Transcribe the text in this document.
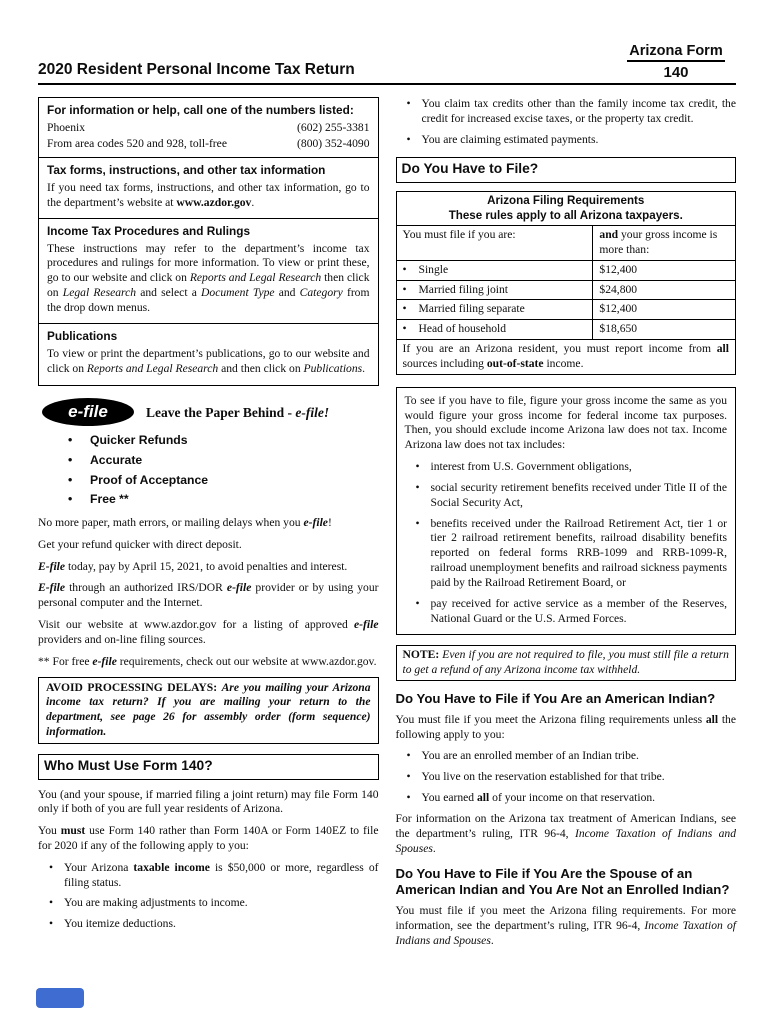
2020 Resident Personal Income Tax Return
Arizona Form
140
For information or help, call one of the numbers listed:
Phoenix	(602) 255-3381
From area codes 520 and 928, toll-free	(800) 352-4090
Tax forms, instructions, and other tax information

If you need tax forms, instructions, and other tax information, go to the department’s website at www.azdor.gov.

Income Tax Procedures and Rulings

These instructions may refer to the department’s income tax procedures and rulings for more information. To view or print these, go to our website and click on Reports and Legal Research then click on Legal Research and select a Document Type and Category from the drop down menus.

Publications

To view or print the department’s publications, go to our website and click on Reports and Legal Research and then click on Publications.

e-file	Leave the Paper Behind - e-file!
•	Quicker Refunds
•	Accurate
•	Proof of Acceptance
•	Free **

No more paper, math errors, or mailing delays when you e-file!

Get your refund quicker with direct deposit.

E-file today, pay by April 15, 2021, to avoid penalties and interest.

E-file through an authorized IRS/DOR e-file provider or by using your personal computer and the Internet.

Visit our website at www.azdor.gov for a listing of approved e-file providers and on-line filing sources.

** For free e-file requirements, check out our website at www.azdor.gov.

AVOID PROCESSING DELAYS: Are you mailing your Arizona income tax return? If you are mailing your return to the department, see page 26 for assembly order (form sequence) information.
Who Must Use Form 140?

You (and your spouse, if married filing a joint return) may file Form 140 only if both of you are full year residents of Arizona.

You must use Form 140 rather than Form 140A or Form 140EZ to file for 2020 if any of the following apply to you:

• Your Arizona taxable income is $50,000 or more, regardless of filing status.
• You are making adjustments to income.
• You itemize deductions.
• You claim tax credits other than the family income tax credit, the credit for increased excise taxes, or the property tax credit.
• You are claiming estimated payments.
Do You Have to File?
Arizona Filing Requirements
These rules apply to all Arizona taxpayers.	

You must file if you are:	and your gross income is more than:
• Single	$12,400
• Married filing joint	$24,800
• Married filing separate	$12,400
• Head of household	$18,650
If you are an Arizona resident, you must report income from all sources including out-of-state income.	

To see if you have to file, figure your gross income the same as you would figure your gross income for federal income tax purposes. Then, you should exclude income Arizona law does not tax. Income Arizona law does not tax includes:

• interest from U.S. Government obligations,
• social security retirement benefits received under Title II of the Social Security Act,
• benefits received under the Railroad Retirement Act, tier 1 or tier 2 railroad retirement benefits, railroad disability benefits reported on federal forms RRB-1099 and RRB-1099-R, railroad unemployment benefits and railroad sickness payments paid by the Railroad Retirement Board, or
• pay received for active service as a member of the Reserves, National Guard or the U.S. Armed Forces.
NOTE: Even if you are not required to file, you must still file a return to get a refund of any Arizona income tax withheld.
Do You Have to File if You Are an American Indian?

You must file if you meet the Arizona filing requirements unless all the following apply to you:

• You are an enrolled member of an Indian tribe.
• You live on the reservation established for that tribe.
• You earned all of your income on that reservation.

For information on the Arizona tax treatment of American Indians, see the department’s ruling, ITR 96-4, Income Taxation of Indians and Spouses.

Do You Have to File if You Are the Spouse of an American Indian and You Are Not an Enrolled Indian?

You must file if you meet the Arizona filing requirements. For more information, see the department’s ruling, ITR 96-4, Income Taxation of Indians and Spouses.
